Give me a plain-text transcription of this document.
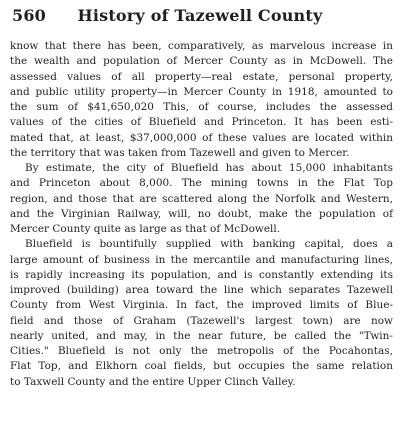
560	History of Tazewell County
know that there has been, comparatively, as marvelous increase in
the wealth and population of Mercer County as in McDowell. The
assessed values of all property—real estate, personal property,
and public utility property—in Mercer County in 1918, amounted to
the sum of $41,650,020 This, of course, includes the assessed
values of the cities of Bluefield and Princeton. It has been esti-
mated that, at least, $37,000,000 of these values are located within
the territory that was taken from Tazewell and given to Mercer.
By estimate, the city of Bluefield has about 15,000 inhabitants
and Princeton about 8,000. The mining towns in the Flat Top
region, and those that are scattered along the Norfolk and Western,
and the Virginian Railway, will, no doubt, make the population of
Mercer County quite as large as that of McDowell.
Bluefield is bountifully supplied with banking capital, does a
large amount of business in the mercantile and manufacturing lines,
is rapidly increasing its population, and is constantly extending its
improved (building) area toward the line which separates Tazewell
County from West Virginia. In fact, the improved limits of Blue-
field and those of Graham (Tazewell's largest town) are now
nearly united, and may, in the near future, be called the "Twin-
Cities." Bluefield is not only the metropolis of the Pocahontas,
Flat Top, and Elkhorn coal fields, but occupies the same relation
to Taxwell County and the entire Upper Clinch Valley.
